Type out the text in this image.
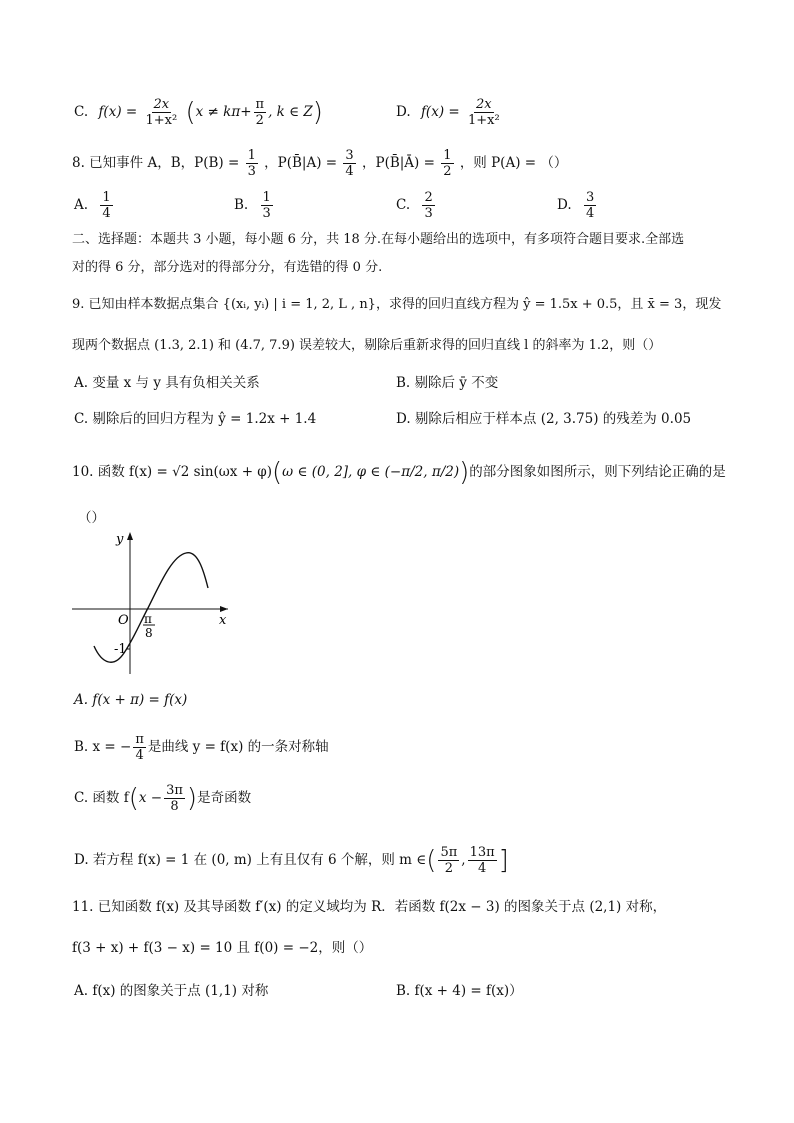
C. $f(x) = \frac{2x}{\text{1+x²}} (x \ne k\pi+ \frac{\pi}{2}$ , k ∈ Z)	D. $f(x) = \frac{2x}{\text{1+x²}}$
8. 已知事件 A，B，$P(B) = \frac{1}{3}$ ，P(B̄|A) = $\frac{3}{4}$ ，P(B̄|Ā) = $\frac{1}{2}$ ，则 P(A) = （）
A. $\frac{1}{4}$	B. $\frac{1}{3}$	C. $\frac{2}{3}$	D. $\frac{3}{4}$
二、选择题：本题共 3 小题，每小题 6 分，共 18 分.在每小题给出的选项中，有多项符合题目要求.全部选
对的得 6 分，部分选对的得部分分，有选错的得 0 分.
9. 已知由样本数据点集合 {(xᵢ, yᵢ) | i = 1, 2, L , n}，求得的回归直线方程为 ŷ = 1.5x + 0.5，且 x̄ = 3，现发
现两个数据点 (1.3, 2.1) 和 (4.7, 7.9) 误差较大，剔除后重新求得的回归直线 l 的斜率为 1.2，则（）
A. 变量 x 与 y 具有负相关关系	B. 剔除后 ȳ 不变
C. 剔除后的回归方程为 ŷ = 1.2x + 1.4	D. 剔除后相应于样本点 (2, 3.75) 的残差为 0.05
10. 函数 f(x) = √2 sin(ωx + φ)(ω ∈ (0, 2], φ ∈ (−π/2, π/2))的部分图象如图所示，则下列结论正确的是
（）
y
x
O
-1
π
8
A. f(x + π) = f(x)
B. x = − $\frac{\pi}{4}$ 是曲线 y = f(x) 的一条对称轴
C. 函数 $f(x - \frac{3\pi}{8}$ )是奇函数
D. 若方程 f(x) = 1 在 (0, m) 上有且仅有 6 个解，则 m ∈( $\frac{5\pi}{2}$ , $\frac{13\pi}{4}$ ]
11. 已知函数 f(x) 及其导函数 f′(x) 的定义域均为 R．若函数 f(2x − 3) 的图象关于点 (2,1) 对称，
f(3 + x) + f(3 − x) = 10 且 f(0) = −2，则（）
A. f(x) 的图象关于点 (1,1) 对称	B. f(x + 4) = f(x)）
